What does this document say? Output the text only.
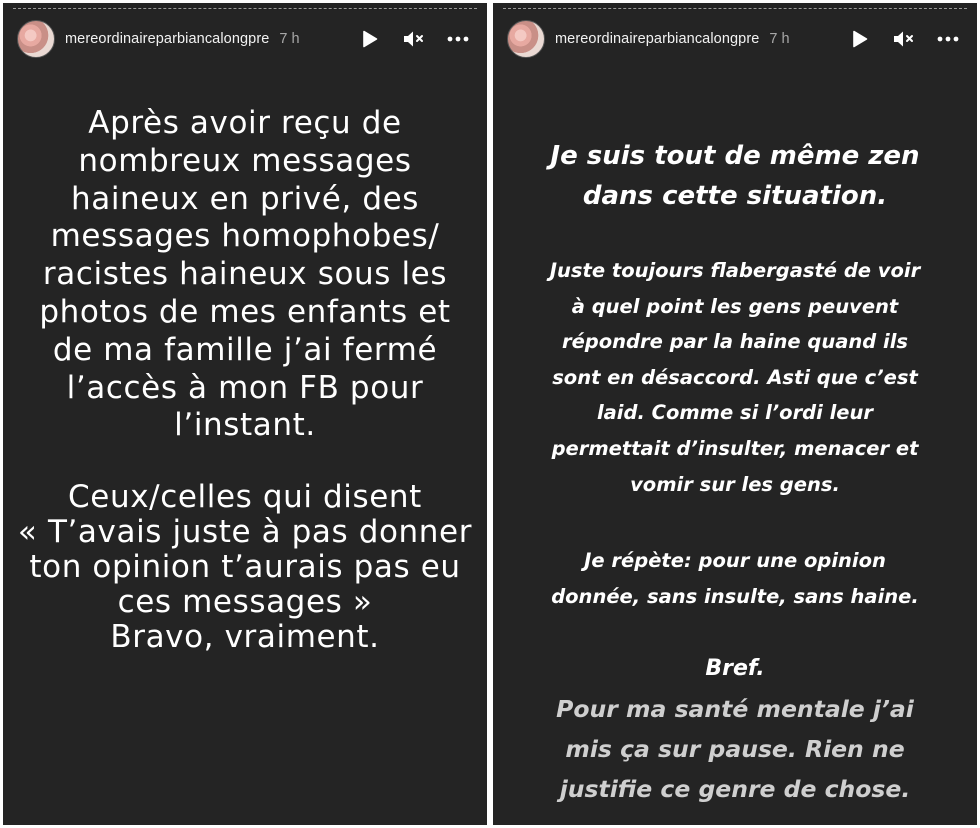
mereordinaireparbiancalongpre 7 h
Après avoir reçu de
nombreux messages
haineux en privé, des
messages homophobes/
racistes haineux sous les
photos de mes enfants et
de ma famille j’ai fermé
l’accès à mon FB pour
l’instant.
Ceux/celles qui disent
« T’avais juste à pas donner
ton opinion t’aurais pas eu
ces messages »
Bravo, vraiment.
mereordinaireparbiancalongpre 7 h
Je suis tout de même zen
dans cette situation.
Juste toujours flabergasté de voir
à quel point les gens peuvent
répondre par la haine quand ils
sont en désaccord. Asti que c’est
laid. Comme si l’ordi leur
permettait d’insulter, menacer et
vomir sur les gens.
Je répète: pour une opinion
donnée, sans insulte, sans haine.
Bref.
Pour ma santé mentale j’ai
mis ça sur pause. Rien ne
justifie ce genre de chose.
